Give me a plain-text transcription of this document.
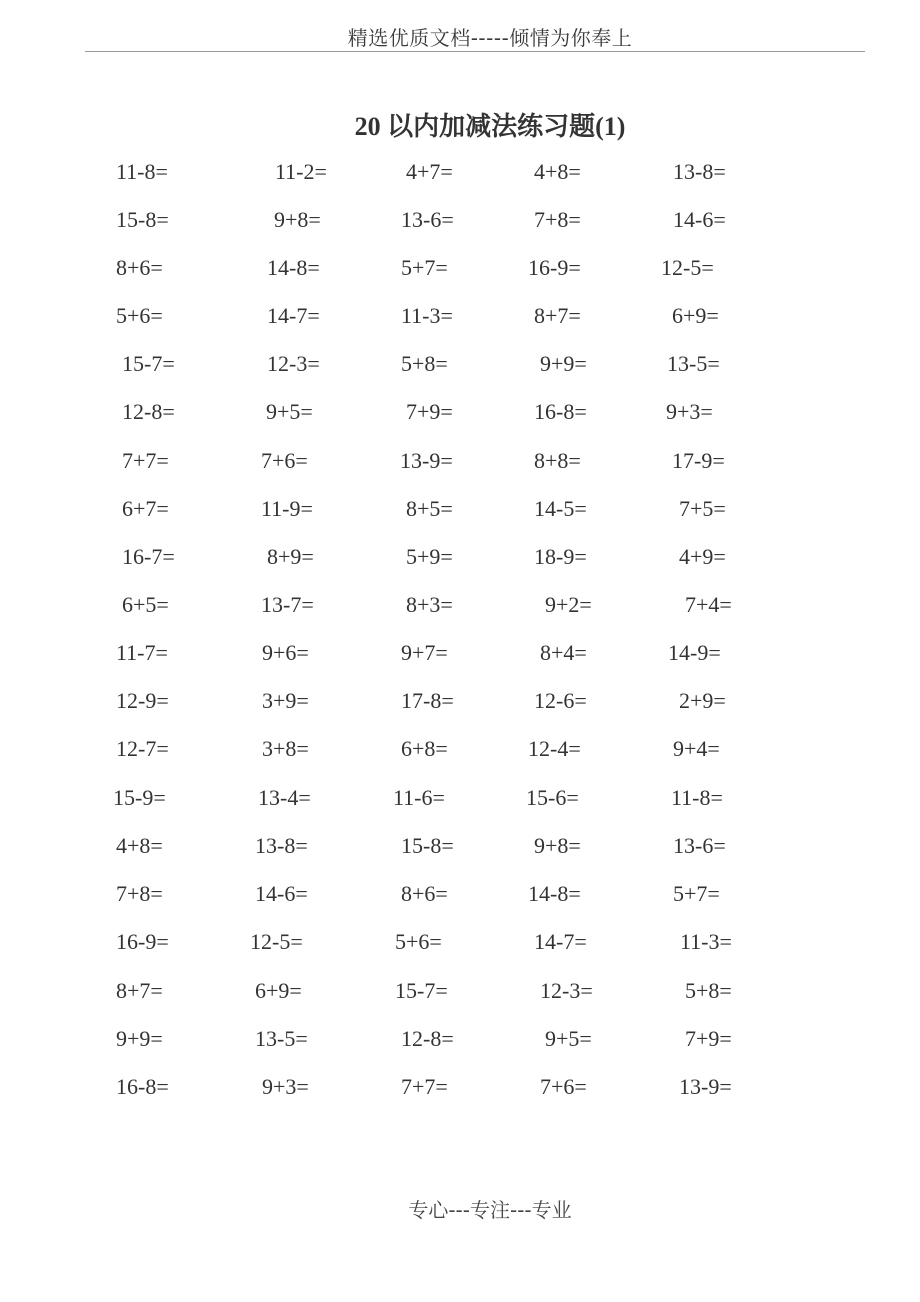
精选优质文档-----倾情为你奉上
20 以内加减法练习题(1)
11-8=	11-2=	4+7=	4+8=	13-8=
15-8=	9+8=	13-6=	7+8=	14-6=
8+6=	14-8=	5+7=	16-9=	12-5=
5+6=	14-7=	11-3=	8+7=	6+9=
15-7=	12-3=	5+8=	9+9=	13-5=
12-8=	9+5=	7+9=	16-8=	9+3=
7+7=	7+6=	13-9=	8+8=	17-9=
6+7=	11-9=	8+5=	14-5=	7+5=
16-7=	8+9=	5+9=	18-9=	4+9=
6+5=	13-7=	8+3=	9+2=	7+4=
11-7=	9+6=	9+7=	8+4=	14-9=
12-9=	3+9=	17-8=	12-6=	2+9=
12-7=	3+8=	6+8=	12-4=	9+4=
15-9=	13-4=	11-6=	15-6=	11-8=
4+8=	13-8=	15-8=	9+8=	13-6=
7+8=	14-6=	8+6=	14-8=	5+7=
16-9=	12-5=	5+6=	14-7=	11-3=
8+7=	6+9=	15-7=	12-3=	5+8=
9+9=	13-5=	12-8=	9+5=	7+9=
16-8=	9+3=	7+7=	7+6=	13-9=
专心---专注---专业
